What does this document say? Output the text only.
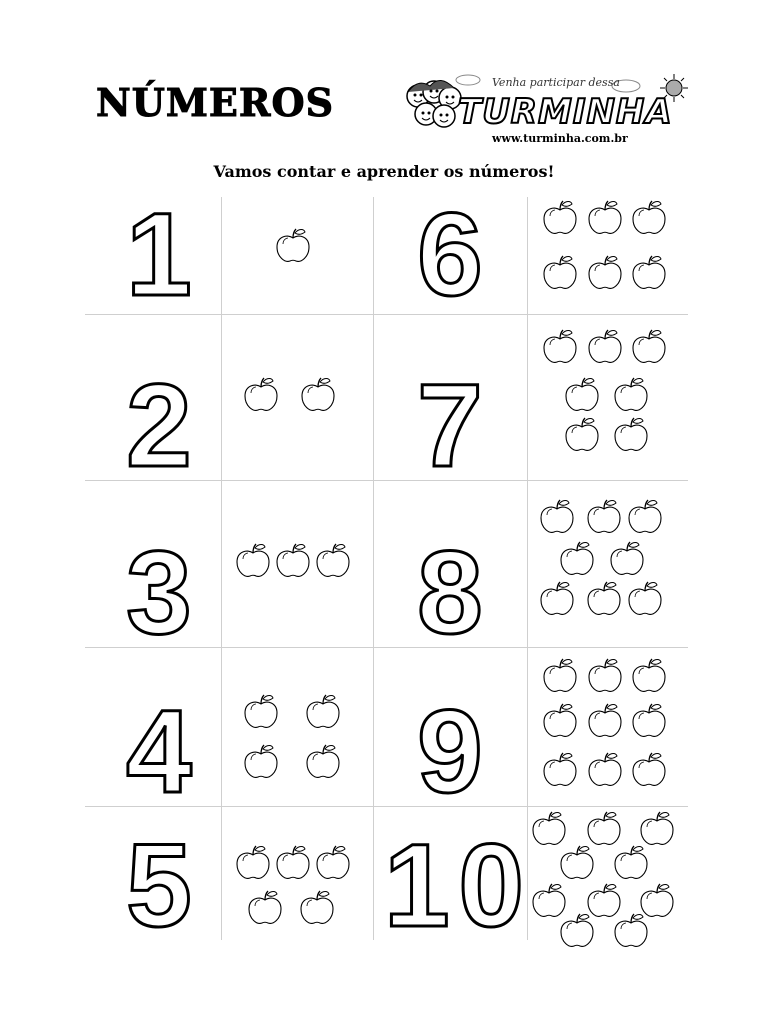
NÚMEROS	Venha participar dessa
TURMINHA
www.turminha.com.br
Vamos contar e aprender os números!
1 6
2 7
3 8
4 9
5 10
